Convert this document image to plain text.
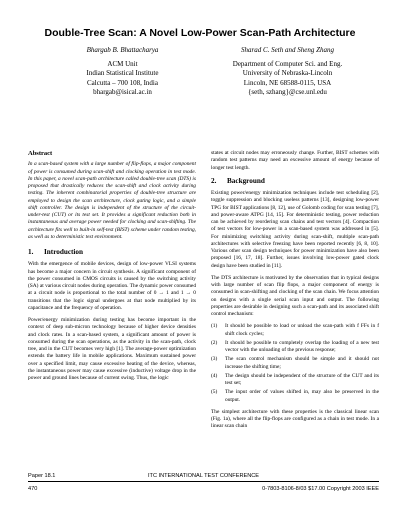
Double-Tree Scan: A Novel Low-Power Scan-Path Architecture
Bhargab B. Bhattacharya
ACM Unit
Indian Statistical Institute
Calcutta – 700 108, India
bhargab@isical.ac.in
Sharad C. Seth and Sheng Zhang
Department of Computer Sci. and Eng.
University of Nebraska-Lincoln
Lincoln, NE 68588-0115, USA
{seth, szhang}@cse.unl.edu
Abstract

In a scan-based system with a large number of flip-flops, a major component of power is consumed during scan-shift and clocking operation in test mode. In this paper, a novel scan-path architecture called double-tree scan (DTS) is proposed that drastically reduces the scan-shift and clock activity during testing. The inherent combinatorial properties of double-tree structure are employed to design the scan architecture, clock gating logic, and a simple shift controller. The design is independent of the structure of the circuit-under-test (CUT) or its test set. It provides a significant reduction both in instantaneous and average power needed for clocking and scan-shifting. The architecture fits well to built-in self-test (BIST) scheme under random testing, as well as to deterministic test environment.

1. Introduction

With the emergence of mobile devices, design of low-power VLSI systems has become a major concern in circuit synthesis. A significant component of the power consumed in CMOS circuits is caused by the switching activity (SA) at various circuit nodes during operation. The dynamic power consumed at a circuit node is proportional to the total number of 0 → 1 and 1 → 0 transitions that the logic signal undergoes at that node multiplied by its capacitance and the frequency of operation.

Power/energy minimization during testing has become important in the context of deep sub-micron technology because of higher device densities and clock rates. In a scan-based system, a significant amount of power is consumed during the scan operations, as the activity in the scan-path, clock tree, and in the CUT becomes very high [1]. The average-power optimization extends the battery life in mobile applications. Maximum sustained power over a specified limit, may cause excessive heating of the device, whereas, the instantaneous power may cause excessive (inductive) voltage drop in the power and ground lines because of current swing. Thus, the logic

states at circuit nodes may erroneously change. Further, BIST schemes with random test patterns may need an excessive amount of energy because of longer test length.

2. Background

Existing power/energy minimization techniques include test scheduling [2], toggle suppression and blocking useless patterns [13], designing low-power TPG for BIST applications [8, 12], use of Golomb coding for scan testing [7], and power-aware ATPG [14, 15]. For deterministic testing, power reduction can be achieved by reordering scan chains and test vectors [4]. Compaction of test vectors for low-power in a scan-based system was addressed in [5]. For minimizing switching activity during scan-shift, multiple scan-path architectures with selective freezing have been reported recently [6, 8, 10]. Various other scan design techniques for power minimization have also been proposed [16, 17, 18]. Further, issues involving low-power gated clock design have been studied in [11].

The DTS architecture is motivated by the observation that in typical designs with large number of scan flip flops, a major component of energy is consumed in scan-shifting and clocking of the scan chain. We focus attention on designs with a single serial scan input and output. The following properties are desirable in designing such a scan-path and its associated shift control mechanism:

(1) It should be possible to load or unload the scan-path with f FFs in f shift clock cycles;
(2) It should be possible to completely overlap the loading of a new test vector with the unloading of the previous response;
(3) The scan control mechanism should be simple and it should not increase the shifting time;
(4) The design should be independent of the structure of the CUT and its test set;
(5) The input order of values shifted in, may also be preserved in the output.

The simplest architecture with these properties is the classical linear scan (Fig. 1a), where all the flip-flops are configured as a chain in test mode. In a linear scan chain

Paper 18.1	ITC INTERNATIONAL TEST CONFERENCE
470	0-7803-8106-8/03 $17.00 Copyright 2003 IEEE
